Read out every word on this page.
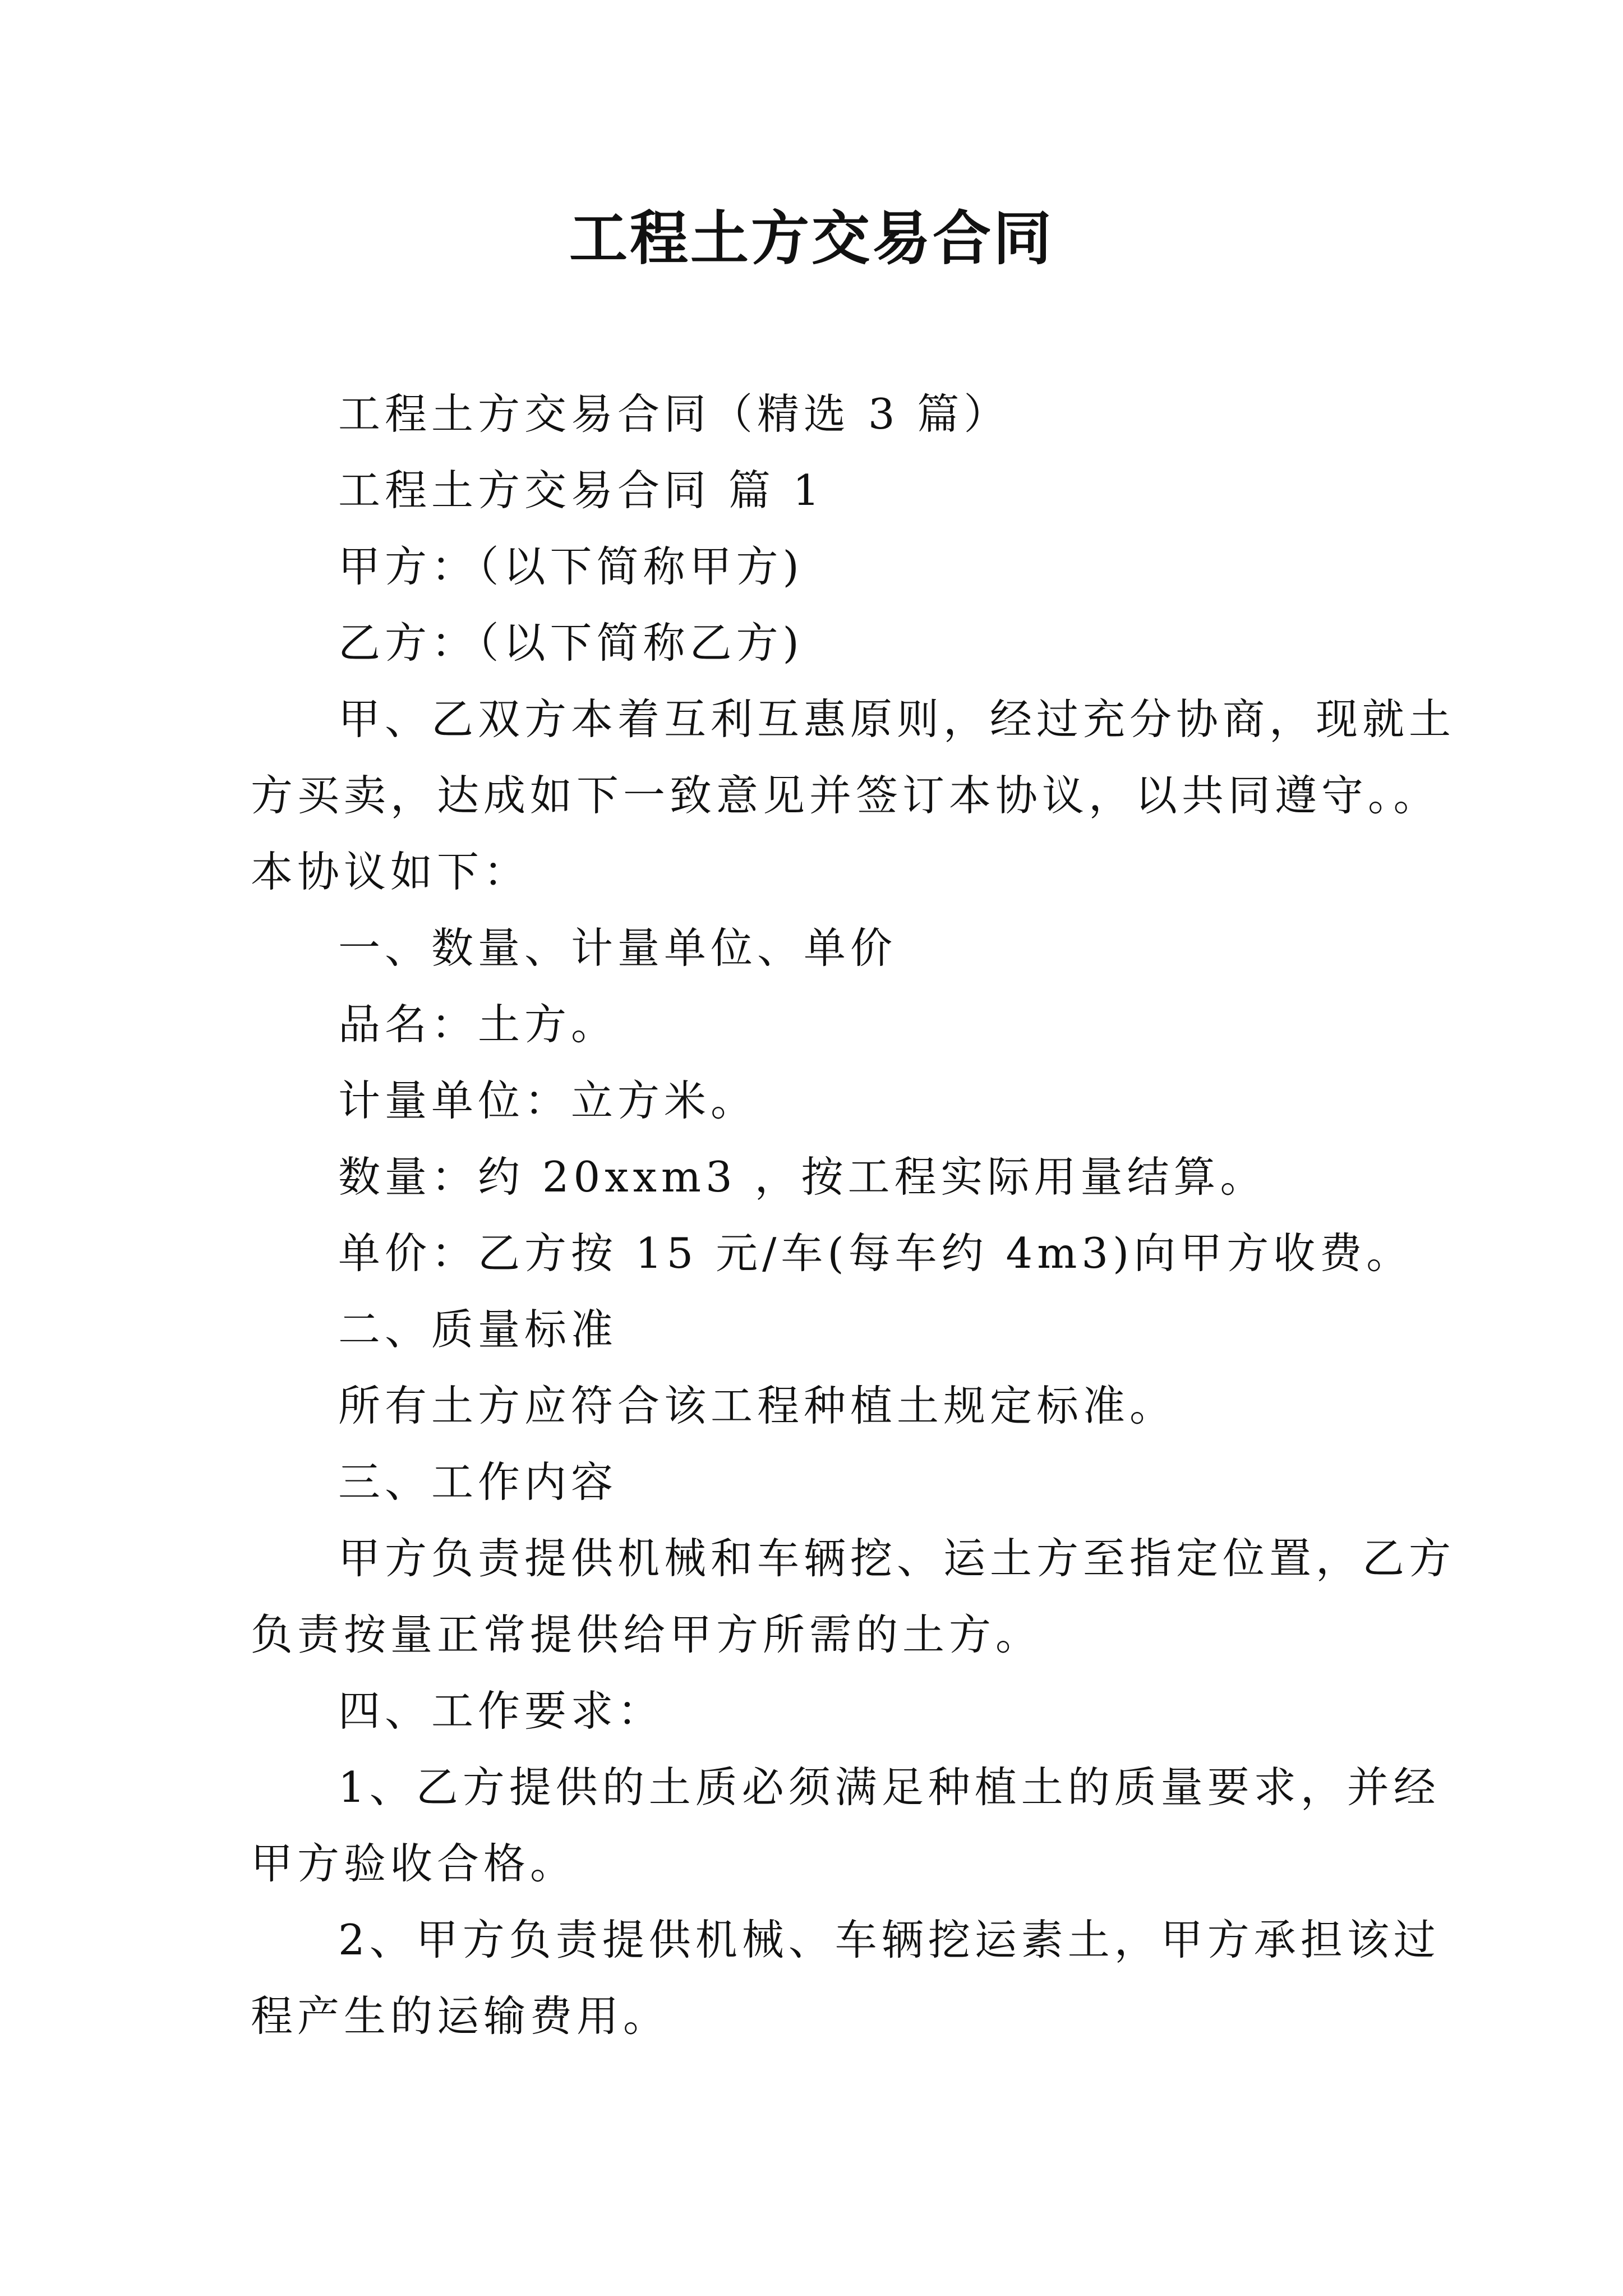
工程土方交易合同
工程土方交易合同（精选 3 篇）
工程土方交易合同 篇 1
甲方：（以下简称甲方)
乙方：（以下简称乙方)
甲、乙双方本着互利互惠原则，经过充分协商，现就土
方买卖，达成如下一致意见并签订本协议，以共同遵守。。
本协议如下：
一、数量、计量单位、单价
品名：土方。
计量单位：立方米。
数量：约 20xxm3 ，按工程实际用量结算。
单价：乙方按 15 元/车(每车约 4m3)向甲方收费。
二、质量标准
所有土方应符合该工程种植土规定标准。
三、工作内容
甲方负责提供机械和车辆挖、运土方至指定位置，乙方
负责按量正常提供给甲方所需的土方。
四、工作要求：
1、乙方提供的土质必须满足种植土的质量要求，并经
甲方验收合格。
2、甲方负责提供机械、车辆挖运素土，甲方承担该过
程产生的运输费用。
